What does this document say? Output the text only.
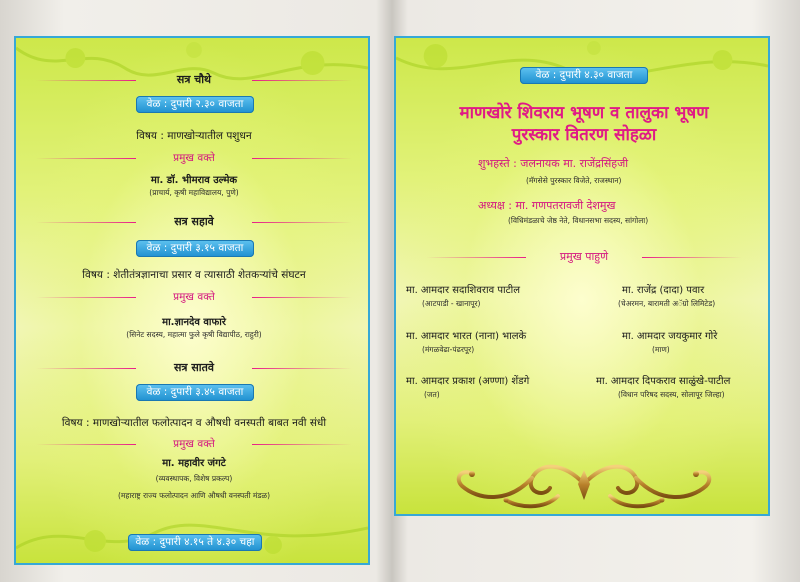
सत्र चौथे
वेळ : दुपारी २.३० वाजता
विषय : माणखोऱ्यातील पशुधन
प्रमुख वक्ते
मा. डॉ. भीमराव उल्मेक
(प्राचार्य, कृषी महाविद्यालय, पुणे)
सत्र सहावे
वेळ : दुपारी ३.१५ वाजता
विषय : शेतीतंत्रज्ञानाचा प्रसार व त्यासाठी शेतकऱ्यांचे संघटन
प्रमुख वक्ते
मा.ज्ञानदेव वाफारे
(सिनेट सदस्य, महात्मा फुले कृषी विद्यापीठ, राहुरी)
सत्र सातवे
वेळ : दुपारी ३.४५ वाजता
विषय : माणखोऱ्यातील फलोत्पादन व औषधी वनस्पती बाबत नवी संधी
प्रमुख वक्ते
मा. महावीर जंगटे
(व्यवस्थापक, विशेष प्रकल्प)
(महाराष्ट्र राज्य फलोत्पादन आणि औषधी वनस्पती मंडळ)
वेळ : दुपारी ४.१५ ते ४.३० चहा
वेळ : दुपारी ४.३० वाजता
माणखोरे शिवराय भूषण व तालुका भूषण
पुरस्कार वितरण सोहळा
शुभहस्ते : जलनायक मा. राजेंद्रसिंहजी
(मॅगसेसे पुरस्कार विजेते, राजस्थान)
अध्यक्ष : मा. गणपतरावजी देशमुख
(विधिमंडळाचे जेष्ठ नेते, विधानसभा सदस्य, सांगोला)
प्रमुख पाहुणे
मा. आमदार सदाशिवराव पाटील
(आटपाडी - खानापूर)
मा. राजेंद्र (दादा) पवार
(चेअरमन, बारामती अॅग्रो लिमिटेड)
मा. आमदार भारत (नाना) भालके
(मंगळवेढा-पंढरपूर)
मा. आमदार जयकुमार गोरे
(माण)
मा. आमदार प्रकाश (अण्णा) शेंडगे
(जत)
मा. आमदार दिपकराव साळुंखे-पाटील
(विधान परिषद सदस्य, सोलापूर जिल्हा)
